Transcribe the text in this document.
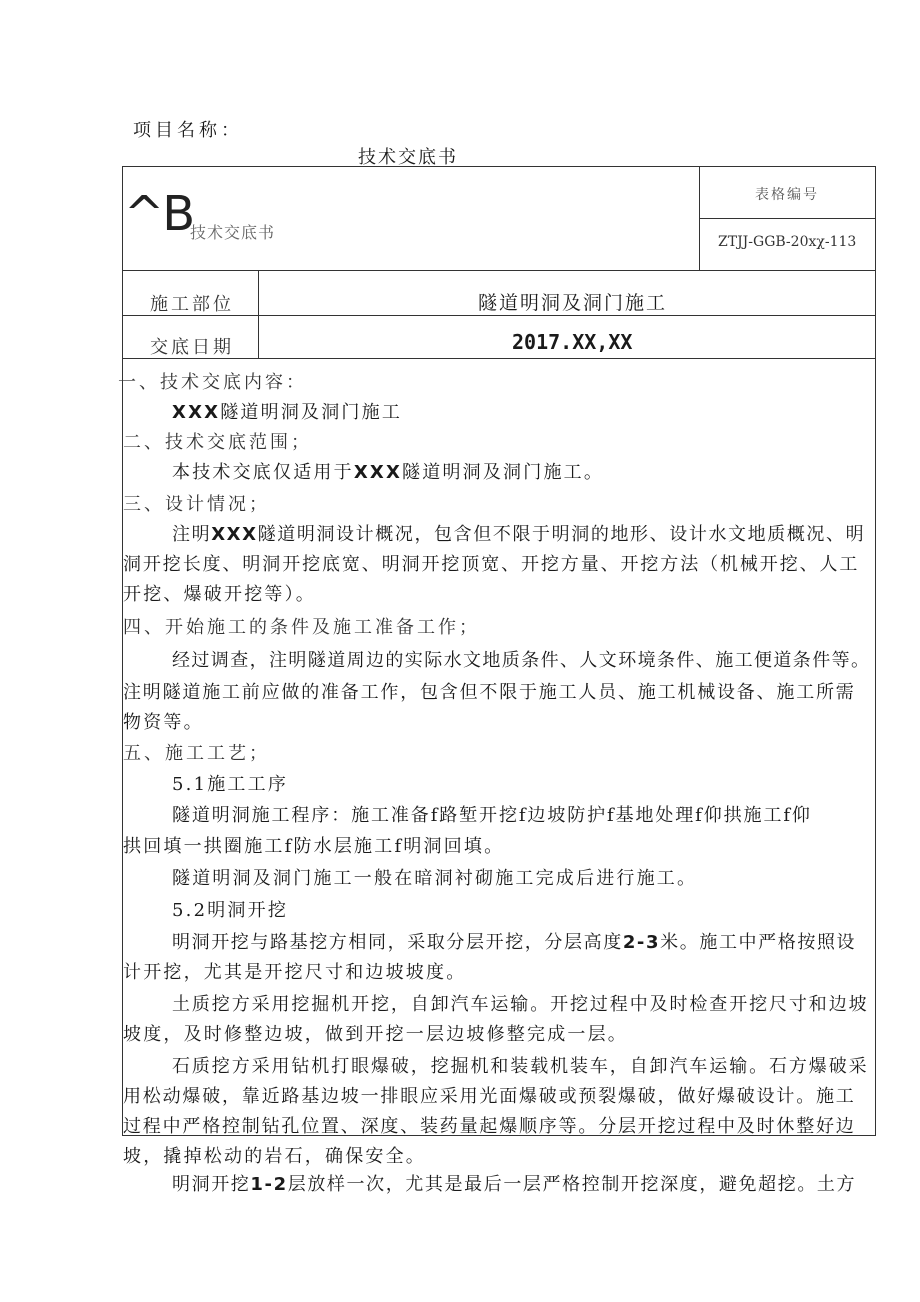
项目名称：
技术交底书
^B
技术交底书
表格编号
ZTJJ-GGB-20xχ-113
施工部位	隧道明洞及洞门施工
交底日期	2017.XX,XX
一、技术交底内容：
XXX隧道明洞及洞门施工
二、技术交底范围；
本技术交底仅适用于XXX隧道明洞及洞门施工。
三、设计情况；
注明XXX隧道明洞设计概况，包含但不限于明洞的地形、设计水文地质概况、明
洞开挖长度、明洞开挖底宽、明洞开挖顶宽、开挖方量、开挖方法（机械开挖、人工
开挖、爆破开挖等）。
四、开始施工的条件及施工准备工作；
经过调查，注明隧道周边的实际水文地质条件、人文环境条件、施工便道条件等。
注明隧道施工前应做的准备工作，包含但不限于施工人员、施工机械设备、施工所需
物资等。
五、施工工艺；
5.1施工工序
隧道明洞施工程序：施工准备f路堑开挖f边坡防护f基地处理f仰拱施工f仰
拱回填一拱圈施工f防水层施工f明洞回填。
隧道明洞及洞门施工一般在暗洞衬砌施工完成后进行施工。
5.2明洞开挖
明洞开挖与路基挖方相同，采取分层开挖，分层高度2-3米。施工中严格按照设
计开挖，尤其是开挖尺寸和边坡坡度。
土质挖方采用挖掘机开挖，自卸汽车运输。开挖过程中及时检查开挖尺寸和边坡
坡度，及时修整边坡，做到开挖一层边坡修整完成一层。
石质挖方采用钻机打眼爆破，挖掘机和装载机装车，自卸汽车运输。石方爆破采
用松动爆破，靠近路基边坡一排眼应采用光面爆破或预裂爆破，做好爆破设计。施工
过程中严格控制钻孔位置、深度、装药量起爆顺序等。分层开挖过程中及时休整好边
坡，撬掉松动的岩石，确保安全。
明洞开挖1-2层放样一次，尤其是最后一层严格控制开挖深度，避免超挖。土方
